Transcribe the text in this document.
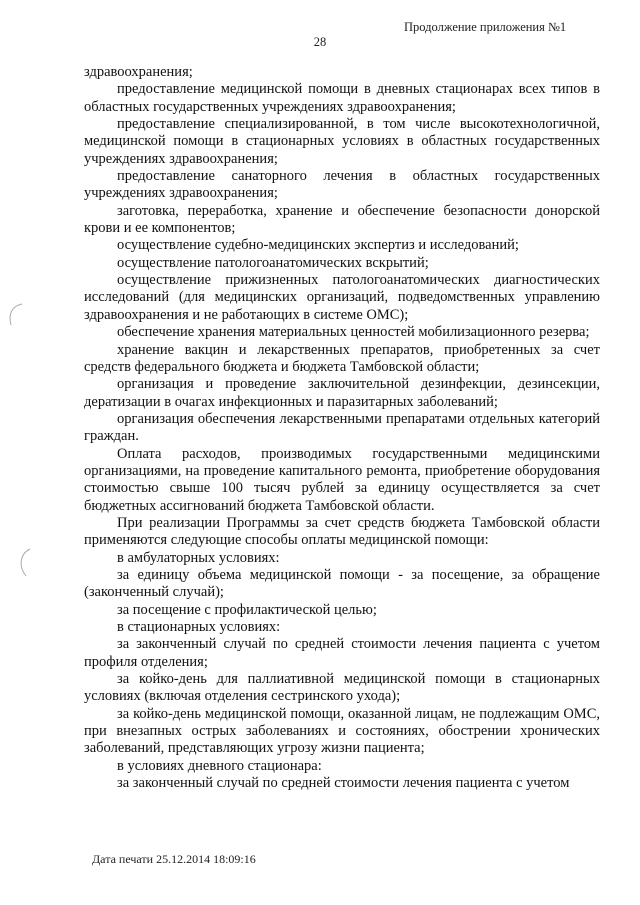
Продолжение приложения №1
28

здравоохранения;

предоставление медицинской помощи в дневных стационарах всех типов в областных государственных учреждениях здравоохранения;

предоставление специализированной, в том числе высокотехнологичной, медицинской помощи в стационарных условиях в областных государственных учреждениях здравоохранения;

предоставление санаторного лечения в областных государственных учреждениях здравоохранения;

заготовка, переработка, хранение и обеспечение безопасности донорской крови и ее компонентов;

осуществление судебно-медицинских экспертиз и исследований;

осуществление патологоанатомических вскрытий;

осуществление прижизненных патологоанатомических диагностических исследований (для медицинских организаций, подведомственных управлению здравоохранения и не работающих в системе ОМС);

обеспечение хранения материальных ценностей мобилизационного резерва;

хранение вакцин и лекарственных препаратов, приобретенных за счет средств федерального бюджета и бюджета Тамбовской области;

организация и проведение заключительной дезинфекции, дезинсекции, дератизации в очагах инфекционных и паразитарных заболеваний;

организация обеспечения лекарственными препаратами отдельных категорий граждан.

Оплата расходов, производимых государственными медицинскими организациями, на проведение капитального ремонта, приобретение оборудования стоимостью свыше 100 тысяч рублей за единицу осуществляется за счет бюджетных ассигнований бюджета Тамбовской области.

При реализации Программы за счет средств бюджета Тамбовской области применяются следующие способы оплаты медицинской помощи:

в амбулаторных условиях:

за единицу объема медицинской помощи - за посещение, за обращение (законченный случай);

за посещение с профилактической целью;

в стационарных условиях:

за законченный случай по средней стоимости лечения пациента с учетом профиля отделения;

за койко-день для паллиативной медицинской помощи в стационарных условиях (включая отделения сестринского ухода);

за койко-день медицинской помощи, оказанной лицам, не подлежащим ОМС, при внезапных острых заболеваниях и состояниях, обострении хронических заболеваний, представляющих угрозу жизни пациента;

в условиях дневного стационара:

за законченный случай по средней стоимости лечения пациента с учетом

Дата печати 25.12.2014 18:09:16
